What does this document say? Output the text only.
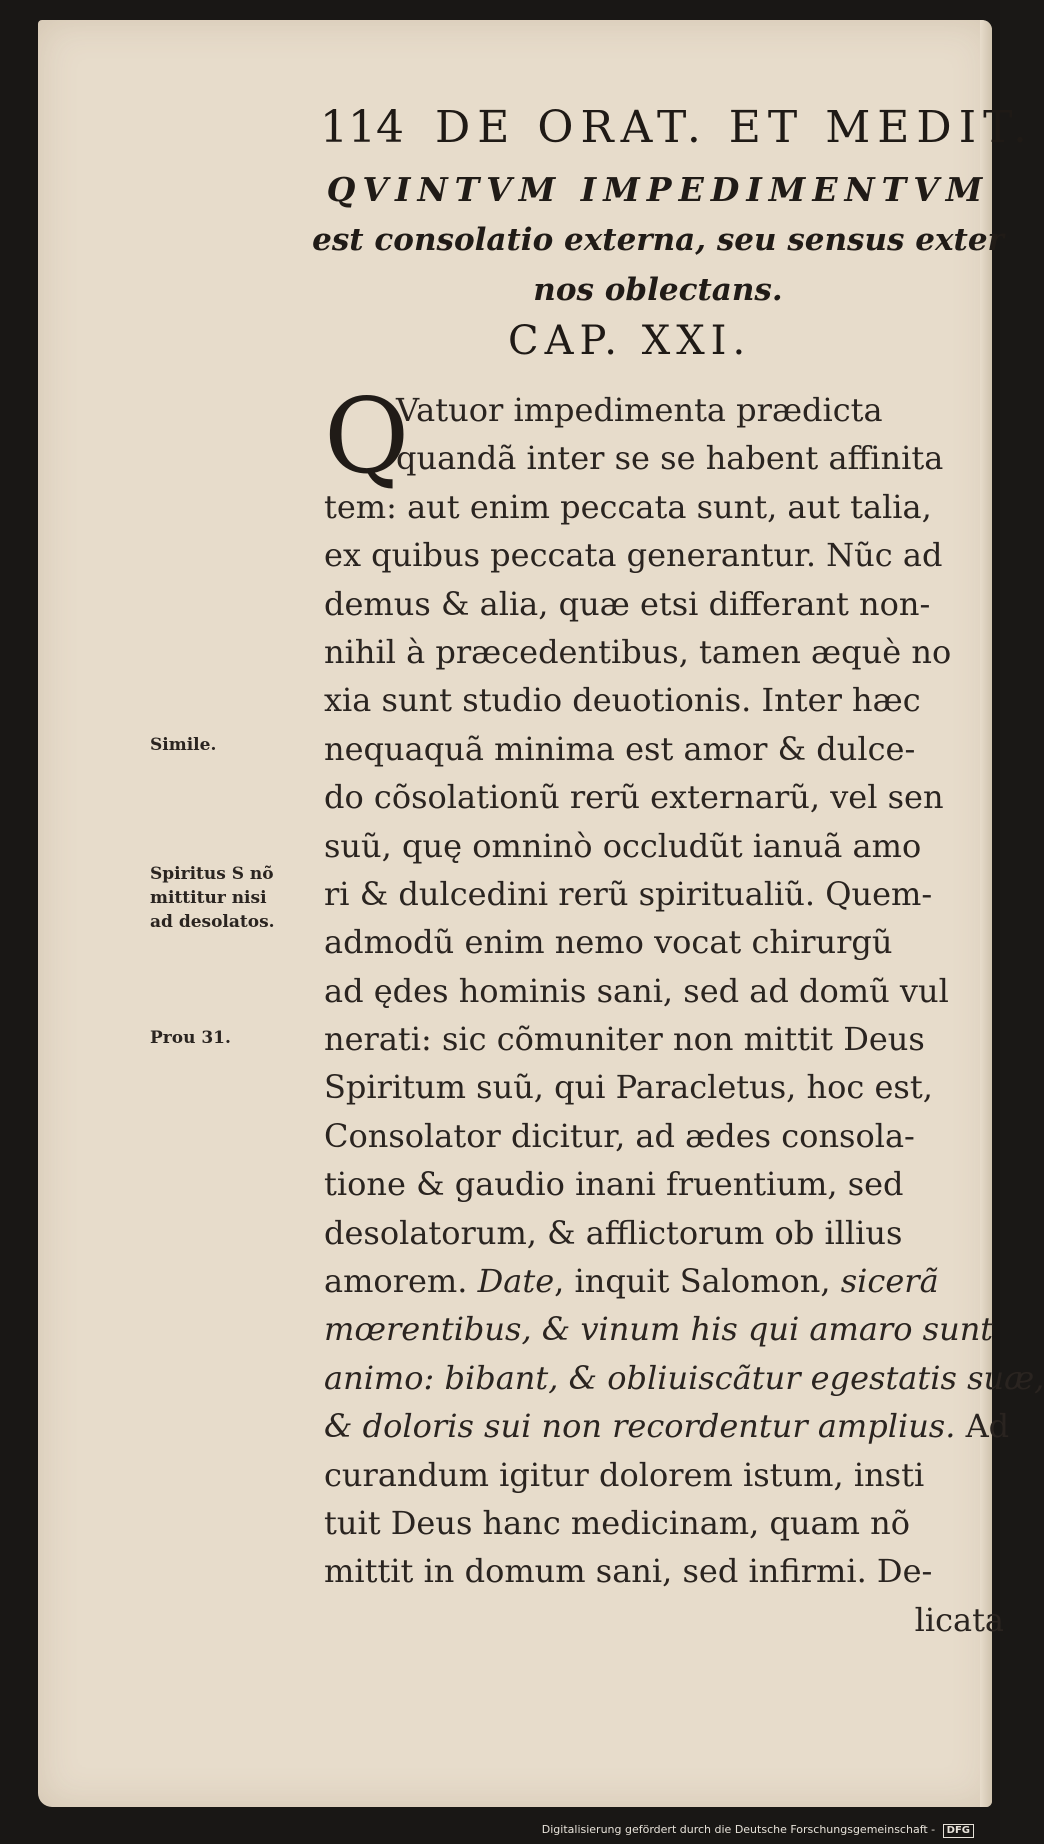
114 DE ORAT. ET MEDIT.
QVINTVM IMPEDIMENTVM
est consolatio externa, seu sensus exter
nos oblectans.
CAP. XXI.
Q
Vatuor impedimenta prædicta
quandã inter se se habent affinita
tem: aut enim peccata sunt, aut talia,
ex quibus peccata generantur. Nũc ad
demus & alia, quæ etsi differant non-
nihil à præcedentibus, tamen æquè no
xia sunt studio deuotionis. Inter hæc
nequaquã minima est amor & dulce-
do cõsolationũ rerũ externarũ, vel sen
suũ, quę omninò occludũt ianuã amo
ri & dulcedini rerũ spiritualiũ. Quem-
admodũ enim nemo vocat chirurgũ
ad ędes hominis sani, sed ad domũ vul
nerati: sic cõmuniter non mittit Deus
Spiritum suũ, qui Paracletus, hoc est,
Consolator dicitur, ad ædes consola-
tione & gaudio inani fruentium, sed
desolatorum, & afflictorum ob illius
amorem. Date, inquit Salomon, sicerã
mœrentibus, & vinum his qui amaro sunt
animo: bibant, & obliuiscãtur egestatis suæ,
& doloris sui non recordentur amplius. Ad
curandum igitur dolorem istum, insti
tuit Deus hanc medicinam, quam nõ
mittit in domum sani, sed infirmi. De-
licata
Simile.
Spiritus S nõ
mittitur nisi
ad desolatos.
Prou 31.
Digitalisierung gefördert durch die Deutsche Forschungsgemeinschaft - DFG
